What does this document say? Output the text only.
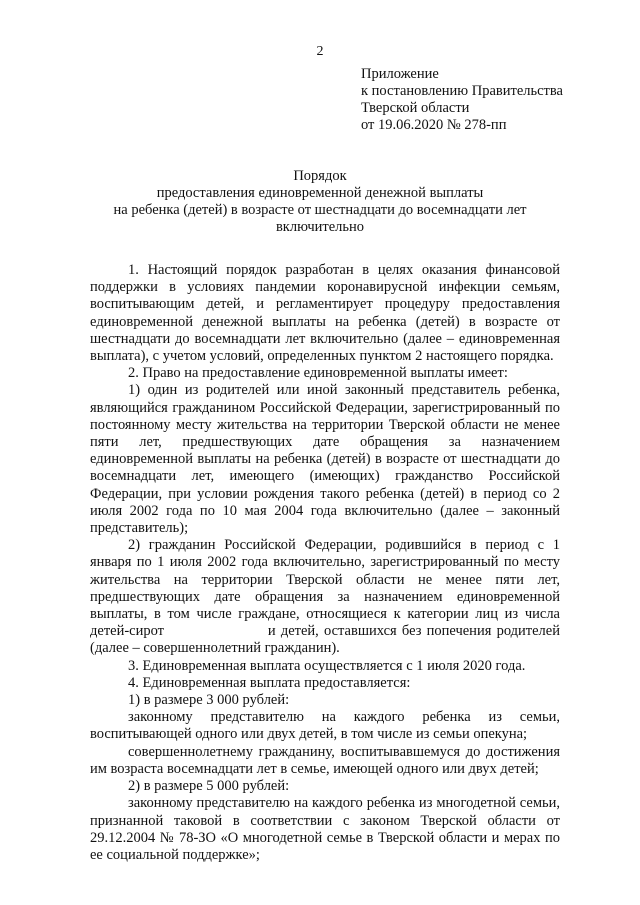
2
Приложение
к постановлению Правительства
Тверской области
от 19.06.2020 № 278-пп
Порядок
предоставления единовременной денежной выплаты
на ребенка (детей) в возрасте от шестнадцати до восемнадцати лет
включительно

1. Настоящий порядок разработан в целях оказания финансовой поддержки в условиях пандемии коронавирусной инфекции семьям, воспитывающим детей, и регламентирует процедуру предоставления единовременной денежной выплаты на ребенка (детей) в возрасте от шестнадцати до восемнадцати лет включительно (далее – единовременная выплата), с учетом условий, определенных пунктом 2 настоящего порядка.

2. Право на предоставление единовременной выплаты имеет:

1) один из родителей или иной законный представитель ребенка, являющийся гражданином Российской Федерации, зарегистрированный по постоянному месту жительства на территории Тверской области не менее пяти лет, предшествующих дате обращения за назначением единовременной выплаты на ребенка (детей) в возрасте от шестнадцати до восемнадцати лет, имеющего (имеющих) гражданство Российской Федерации, при условии рождения такого ребенка (детей) в период со 2 июля 2002 года по 10 мая 2004 года включительно (далее – законный представитель);

2) гражданин Российской Федерации, родившийся в период с 1 января по 1 июля 2002 года включительно, зарегистрированный по месту жительства на территории Тверской области не менее пяти лет, предшествующих дате обращения за назначением единовременной выплаты, в том числе граждане, относящиеся к категории лиц из числа детей-сирот                    и детей, оставшихся без попечения родителей (далее – совершеннолетний гражданин).

3. Единовременная выплата осуществляется с 1 июля 2020 года.

4. Единовременная выплата предоставляется:

1) в размере 3 000 рублей:

законному представителю на каждого ребенка из семьи, воспитывающей одного или двух детей, в том числе из семьи опекуна;

совершеннолетнему гражданину, воспитывавшемуся до достижения им возраста восемнадцати лет в семье, имеющей одного или двух детей;

2) в размере 5 000 рублей:

законному представителю на каждого ребенка из многодетной семьи, признанной таковой в соответствии с законом Тверской области от 29.12.2004 № 78-ЗО «О многодетной семье в Тверской области и мерах по ее социальной поддержке»;
